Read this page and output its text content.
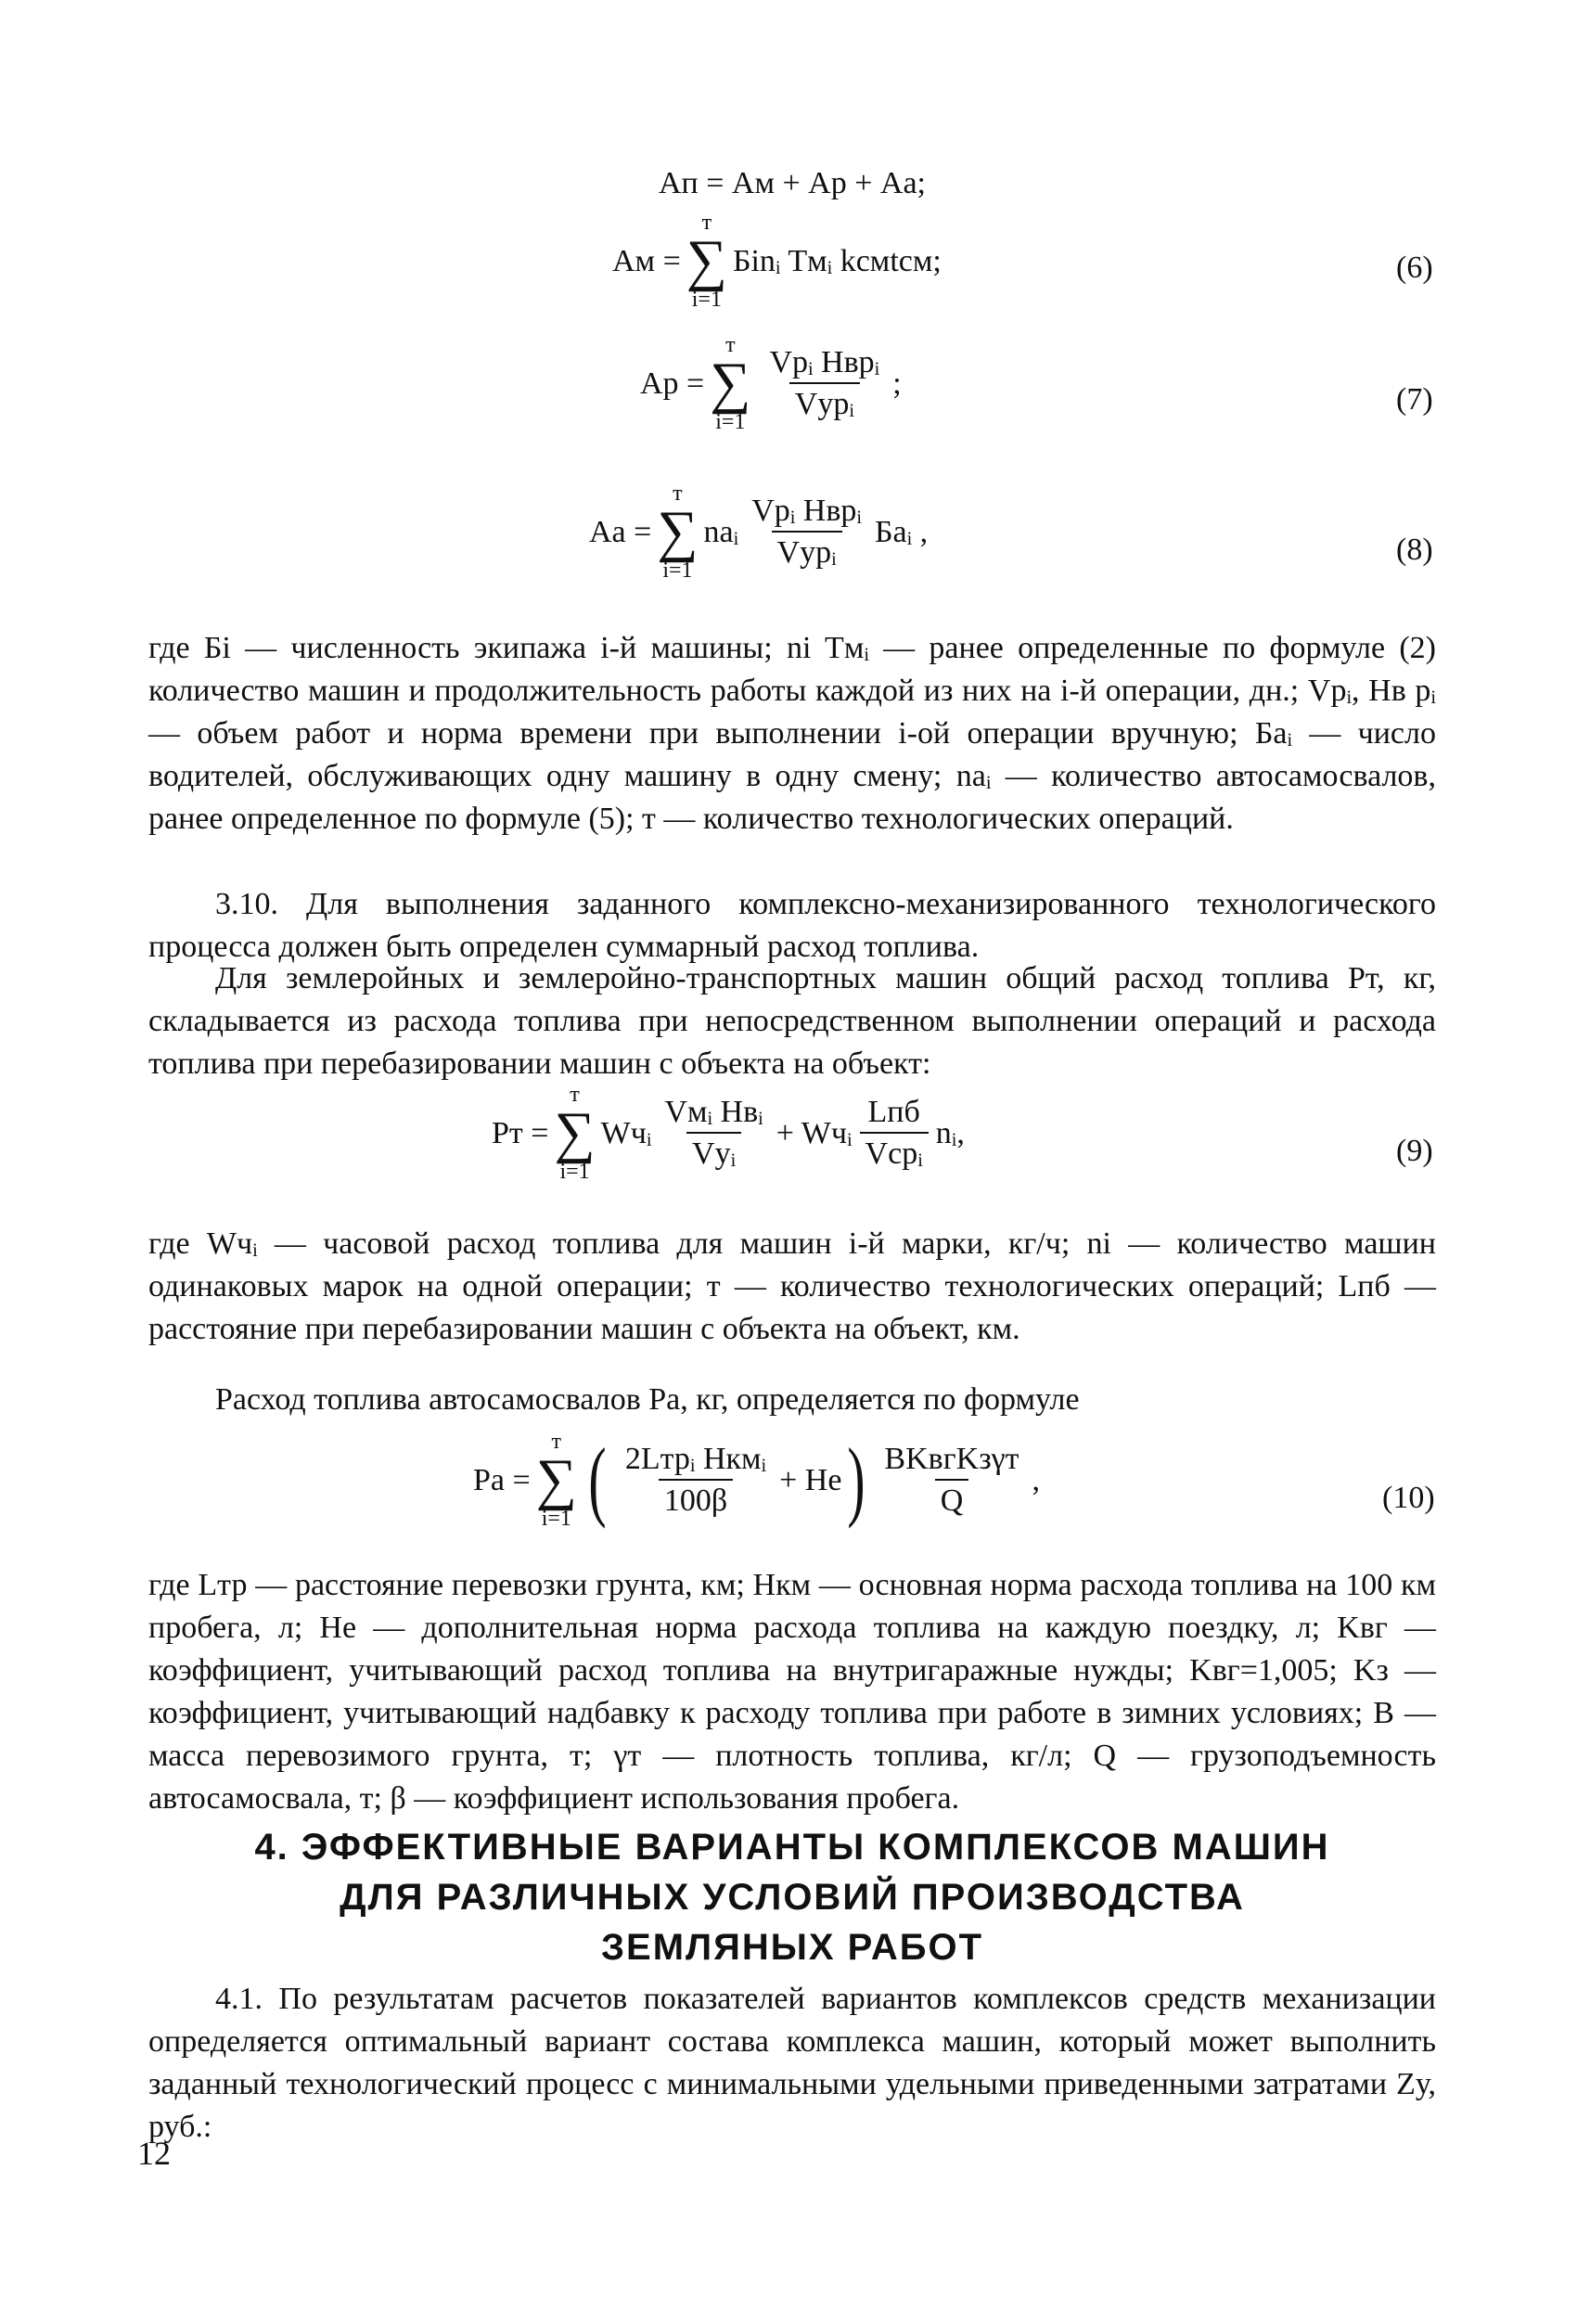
Aп = Aм + Aр + Aа;
Aм =
т
∑
i=1
Бinᵢ Tмᵢ kсмtсм;	(6)
Aр =
т
∑
i=1
$\frac{\text{Vрᵢ Hврᵢ}}{\text{Vурᵢ}}$ ;	(7)
Aа =
т
∑
i=1
naᵢ $\frac{\text{Vрᵢ Hврᵢ}}{\text{Vурᵢ}}$ Бaᵢ ,
(8)

где Бi — численность экипажа i-й машины; ni Tмᵢ — ранее определенные по формуле (2) количество машин и продолжительность работы каждой из них на i-й операции, дн.; Vрᵢ, Hв рᵢ — объем работ и норма времени при выполнении i-ой операции вручную; Бaᵢ — число водителей, обслуживающих одну машину в одну смену; naᵢ — количество автосамосвалов, ранее определенное по формуле (5); т — количество технологических операций.

3.10. Для выполнения заданного комплексно-механизированного технологического процесса должен быть определен суммарный расход топлива.

Для землеройных и землеройно-транспортных машин общий расход топлива Pт, кг, складывается из расхода топлива при непосредственном выполнении операций и расхода топлива при перебазировании машин с объекта на объект:

Pт =
т
∑
i=1
Wчᵢ $\frac{\text{Vмᵢ Hвᵢ}}{\text{Vуᵢ}}$ + Wчᵢ $\frac{\text{Lпб}}{\text{Vсрᵢ}}$ nᵢ,
(9)

где Wчᵢ — часовой расход топлива для машин i-й марки, кг/ч; ni — количество машин одинаковых марок на одной операции; т — количество технологических операций; Lпб — расстояние при перебазировании машин с объекта на объект, км.

Расход топлива автосамосвалов Pa, кг, определяется по формуле

Pа =
т
∑
i=1 ( $\frac{\text{2Lтрᵢ Hкмᵢ}}{100\beta} + He$ ) $\frac{\text{BKвгKзγт}}{Q}$ ,
(10)

где Lтр — расстояние перевозки грунта, км; Hкм — основная норма расхода топлива на 100 км пробега, л; He — дополнительная норма расхода топлива на каждую поездку, л; Kвг — коэффициент, учитывающий расход топлива на внутригаражные нужды; Kвг=1,005; Kз — коэффициент, учитывающий надбавку к расходу топлива при работе в зимних условиях; B — масса перевозимого грунта, т; γт — плотность топлива, кг/л; Q — грузоподъемность автосамосвала, т; β — коэффициент использования пробега.

4. ЭФФЕКТИВНЫЕ ВАРИАНТЫ КОМПЛЕКСОВ МАШИН
ДЛЯ РАЗЛИЧНЫХ УСЛОВИЙ ПРОИЗВОДСТВА
ЗЕМЛЯНЫХ РАБОТ

4.1. По результатам расчетов показателей вариантов комплексов средств механизации определяется оптимальный вариант состава комплекса машин, который может выполнить заданный технологический процесс с минимальными удельными приведенными затратами Zу, руб.:

12
